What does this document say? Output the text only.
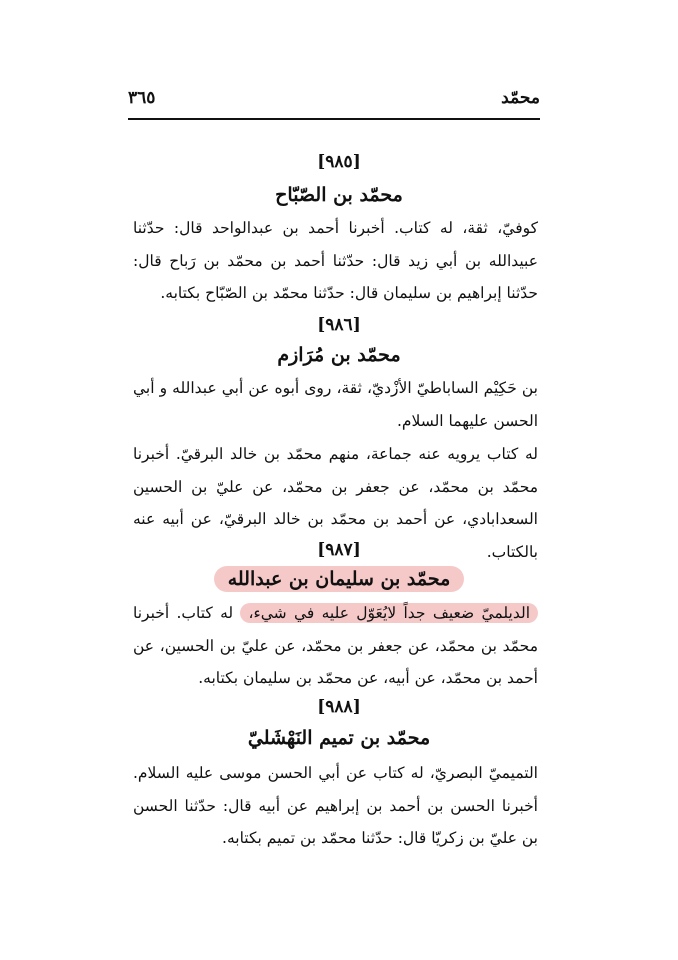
محمّد
٣٦٥
[٩٨٥]
محمّد بن الصّبّاح

كوفيّ، ثقة، له كتاب. أخبرنا أحمد بن عبدالواحد قال: حدّثنا عبيدالله بن أبي زيد قال: حدّثنا أحمد بن محمّد بن رَباح قال: حدّثنا إبراهيم بن سليمان قال: حدّثنا محمّد بن الصّبّاح بكتابه.

[٩٨٦]
محمّد بن مُرَازم

بن حَكِيْم الساباطيّ الأزْديّ، ثقة، روى أبوه عن أبي عبدالله و أبي الحسن عليهما السلام.

له كتاب يرويه عنه جماعة، منهم محمّد بن خالد البرقيّ. أخبرنا محمّد بن محمّد، عن جعفر بن محمّد، عن عليّ بن الحسين السعدابادي، عن أحمد بن محمّد بن خالد البرقيّ، عن أبيه عنه بالكتاب.

[٩٨٧]
محمّد بن سليمان بن عبدالله

الديلميّ ضعيف جداً لايُعَوّل عليه في شيء، له كتاب. أخبرنا محمّد بن محمّد، عن جعفر بن محمّد، عن عليّ بن الحسين، عن أحمد بن محمّد، عن أبيه، عن محمّد بن سليمان بكتابه.

[٩٨٨]
محمّد بن تميم النَهْشَليّ

التميميّ البصريّ، له كتاب عن أبي الحسن موسى عليه السلام. أخبرنا الحسن بن أحمد بن إبراهيم عن أبيه قال: حدّثنا الحسن بن عليّ بن زكريّا قال: حدّثنا محمّد بن تميم بكتابه.
